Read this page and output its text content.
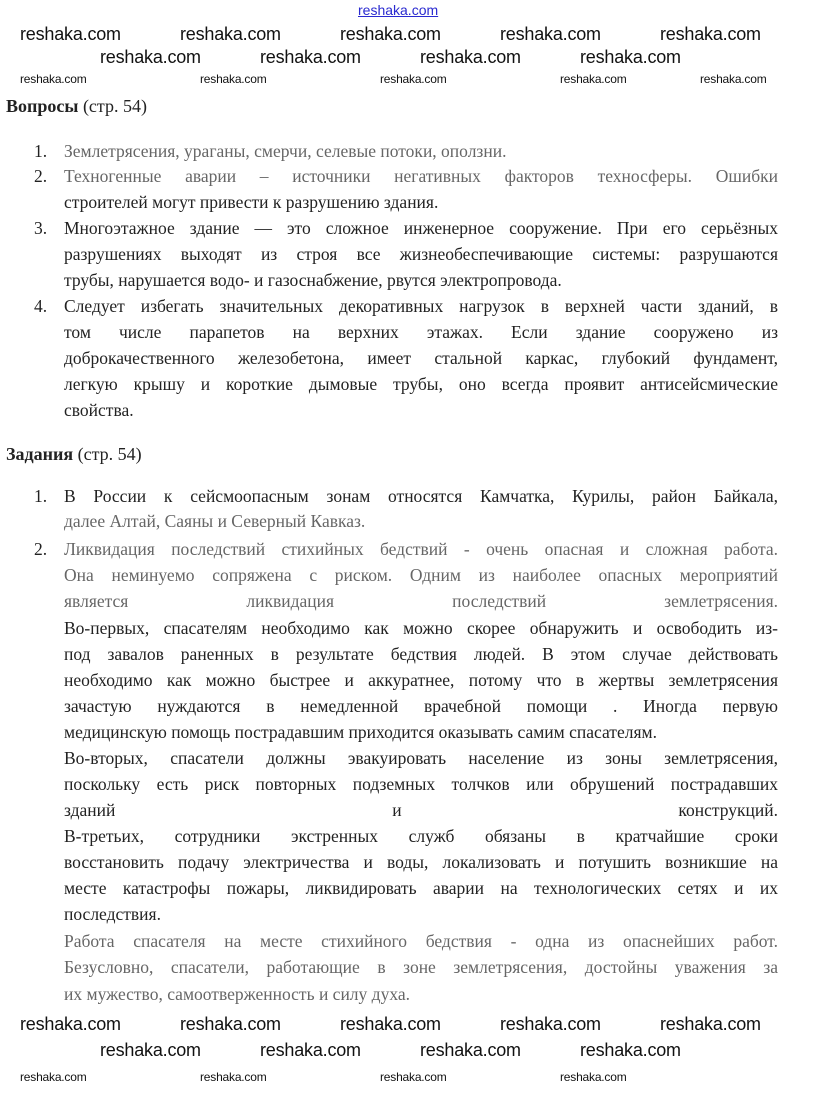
reshaka.com
Вопросы (стр. 54)
1. Землетрясения, ураганы, смерчи, селевые потоки, оползни.
2. Техногенные аварии – источники негативных факторов техносферы. Ошибки
строителей могут привести к разрушению здания.
3. Многоэтажное здание — это сложное инженерное сооружение. При его серьёзных
разрушениях выходят из строя все жизнеобеспечивающие системы: разрушаются
трубы, нарушается водо- и газоснабжение, рвутся электропровода.
4. Следует избегать значительных декоративных нагрузок в верхней части зданий, в
том числе парапетов на верхних этажах. Если здание сооружено из
доброкачественного железобетона, имеет стальной каркас, глубокий фундамент,
легкую крышу и короткие дымовые трубы, оно всегда проявит антисейсмические
свойства.
Задания (стр. 54)
1. В России к сейсмоопасным зонам относятся Камчатка, Курилы, район Байкала,
далее Алтай, Саяны и Северный Кавказ.
2. Ликвидация последствий стихийных бедствий - очень опасная и сложная работа.
Она неминуемо сопряжена с риском. Одним из наиболее опасных мероприятий
является ликвидация последствий землетрясения.
Во-первых, спасателям необходимо как можно скорее обнаружить и освободить из-
под завалов раненных в результате бедствия людей. В этом случае действовать
необходимо как можно быстрее и аккуратнее, потому что в жертвы землетрясения
зачастую нуждаются в немедленной врачебной помощи . Иногда первую
медицинскую помощь пострадавшим приходится оказывать самим спасателям.
Во-вторых, спасатели должны эвакуировать население из зоны землетрясения,
поскольку есть риск повторных подземных толчков или обрушений пострадавших
зданий и конструкций.
В-третьих, сотрудники экстренных служб обязаны в кратчайшие сроки
восстановить подачу электричества и воды, локализовать и потушить возникшие на
месте катастрофы пожары, ликвидировать аварии на технологических сетях и их
последствия.
Работа спасателя на месте стихийного бедствия - одна из опаснейших работ.
Безусловно, спасатели, работающие в зоне землетрясения, достойны уважения за
их мужество, самоотверженность и силу духа.
reshaka.com	reshaka.com	reshaka.com	reshaka.com	reshaka.com
reshaka.com	reshaka.com	reshaka.com	reshaka.com
reshaka.com	reshaka.com	reshaka.com	reshaka.com	reshaka.com
reshaka.com	reshaka.com	reshaka.com	reshaka.com	reshaka.com
reshaka.com	reshaka.com	reshaka.com	reshaka.com
reshaka.com	reshaka.com	reshaka.com	reshaka.com
